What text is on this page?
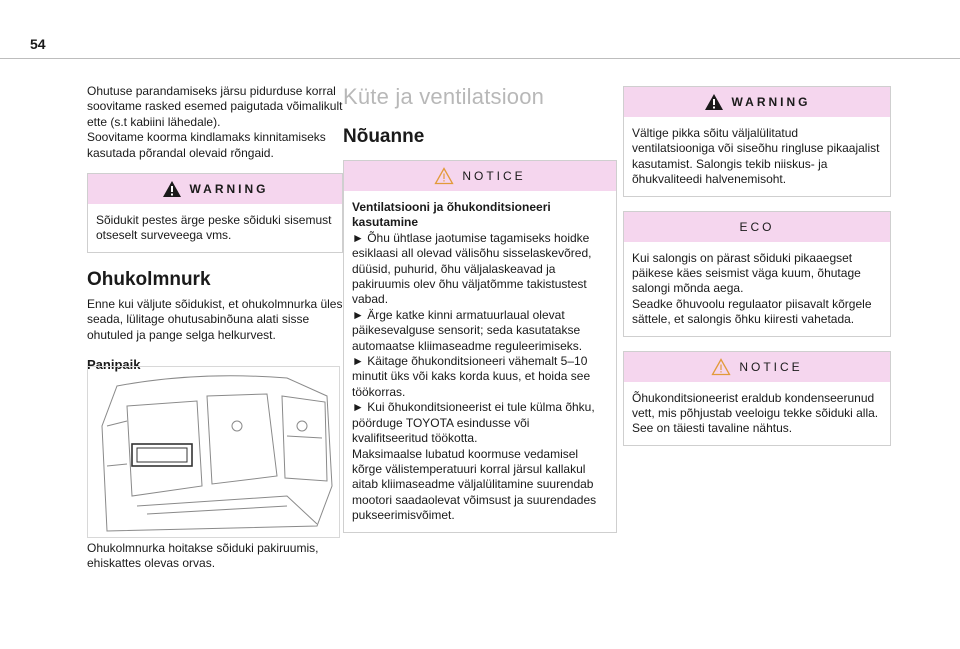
54

Ohutuse parandamiseks järsu pidurduse korral soovitame rasked esemed paigutada võimalikult ette (s.t kabiini lähedale).
Soovitame koorma kindlamaks kinnitamiseks kasutada põrandal olevaid rõngaid.

WARNING

Sõidukit pestes ärge peske sõiduki sisemust otseselt surveveega vms.

Ohukolmnurk

Enne kui väljute sõidukist, et ohukolmnurka üles seada, lülitage ohutusabinõuna alati sisse ohutuled ja pange selga helkurvest.

Panipaik

Ohukolmnurka hoitakse sõiduki pakiruumis, ehiskattes olevas orvas.

Küte ja ventilatsioon
Nõuanne
NOTICE

Ventilatsiooni ja õhukonditsioneeri kasutamine

► Õhu ühtlase jaotumise tagamiseks hoidke esiklaasi all olevad välisõhu sisselaskevõred, düüsid, puhurid, õhu väljalaskeavad ja pakiruumis olev õhu väljatõmme takistustest vabad.
► Ärge katke kinni armatuurlaual olevat päikesevalguse sensorit; seda kasutatakse automaatse kliimaseadme reguleerimiseks.
► Käitage õhukonditsioneeri vähemalt 5–10 minutit üks või kaks korda kuus, et hoida see töökorras.
► Kui õhukonditsioneerist ei tule külma õhku, pöörduge TOYOTA esindusse või kvalifitseeritud töökotta.
Maksimaalse lubatud koormuse vedamisel kõrge välistemperatuuri korral järsul kallakul aitab kliimaseadme väljalülitamine suurendab mootori saadaolevat võimsust ja suurendades pukseerimisvõimet.

WARNING

Vältige pikka sõitu väljalülitatud ventilatsiooniga või siseõhu ringluse pikaajalist kasutamist. Salongis tekib niiskus- ja õhukvaliteedi halvenemisoht.

ECO

Kui salongis on pärast sõiduki pikaaegset päikese käes seismist väga kuum, õhutage salongi mõnda aega.
Seadke õhuvoolu regulaator piisavalt kõrgele sättele, et salongis õhku kiiresti vahetada.

NOTICE

Õhukonditsioneerist eraldub kondenseerunud vett, mis põhjustab veeloigu tekke sõiduki alla. See on täiesti tavaline nähtus.
